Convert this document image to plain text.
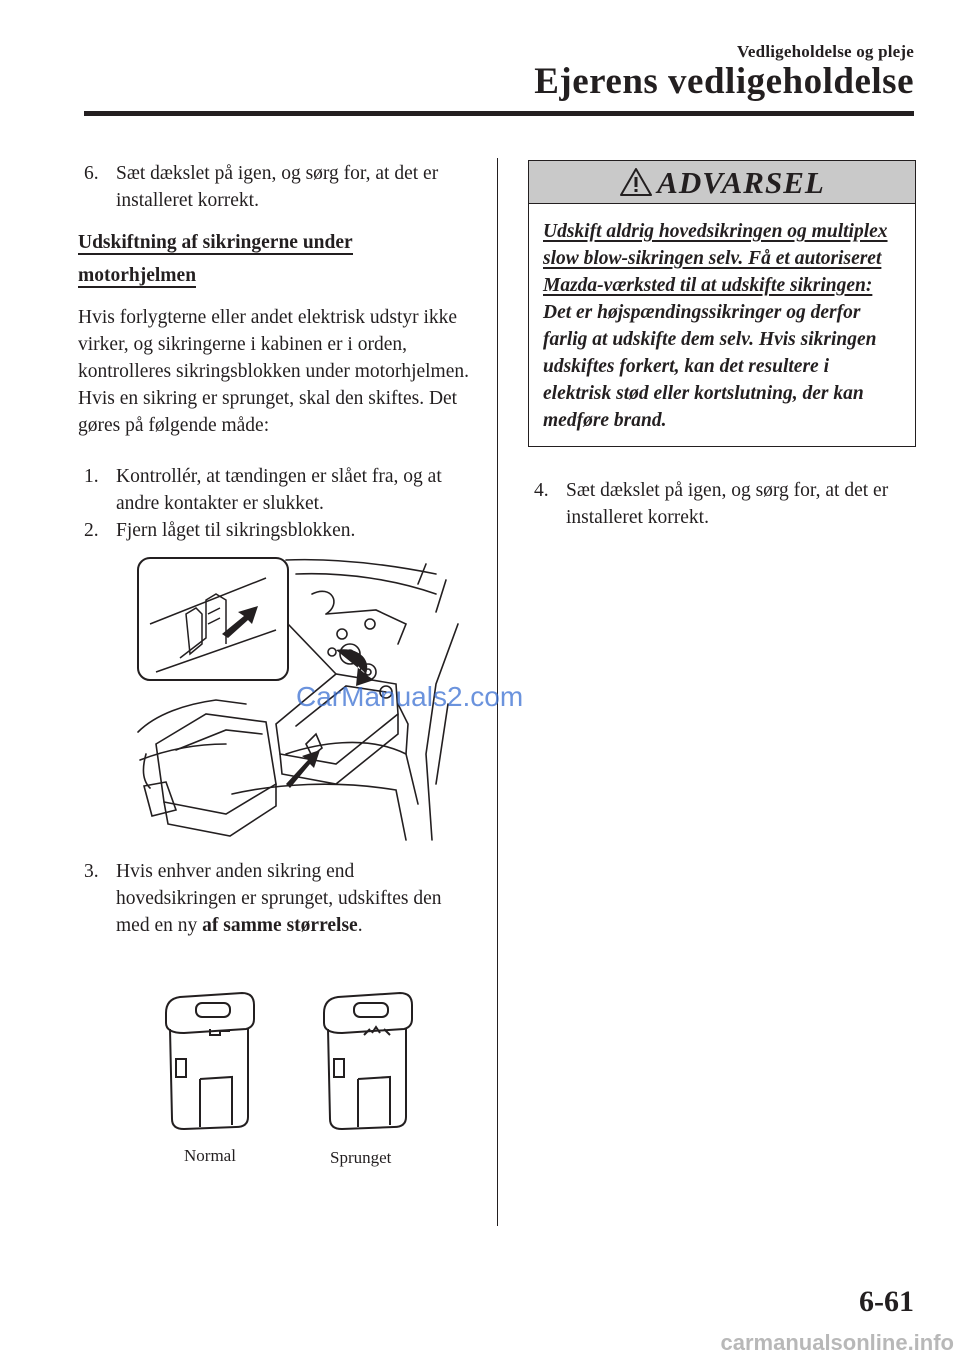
Vedligeholdelse og pleje
Ejerens vedligeholdelse

6. Sæt dækslet på igen, og sørg for, at det er installeret korrekt.

Udskiftning af sikringerne under
motorhjelmen

Hvis forlygterne eller andet elektrisk udstyr ikke virker, og sikringerne i kabinen er i orden, kontrolleres sikringsblokken under motorhjelmen. Hvis en sikring er sprunget, skal den skiftes. Det gøres på følgende måde:

1. Kontrollér, at tændingen er slået fra, og at andre kontakter er slukket.

2. Fjern låget til sikringsblokken.

CarManuals2.com

3. Hvis enhver anden sikring end hovedsikringen er sprunget, udskiftes den med en ny af samme størrelse.

Normal	Sprunget
ADVARSEL
Udskift aldrig hovedsikringen og multiplex slow blow-sikringen selv. Få et autoriseret Mazda-værksted til at udskifte sikringen:
Det er højspændingssikringer og derfor farlig at udskifte dem selv. Hvis sikringen udskiftes forkert, kan det resultere i elektrisk stød eller kortslutning, der kan medføre brand.

4. Sæt dækslet på igen, og sørg for, at det er installeret korrekt.

6-61
carmanualsonline.info
